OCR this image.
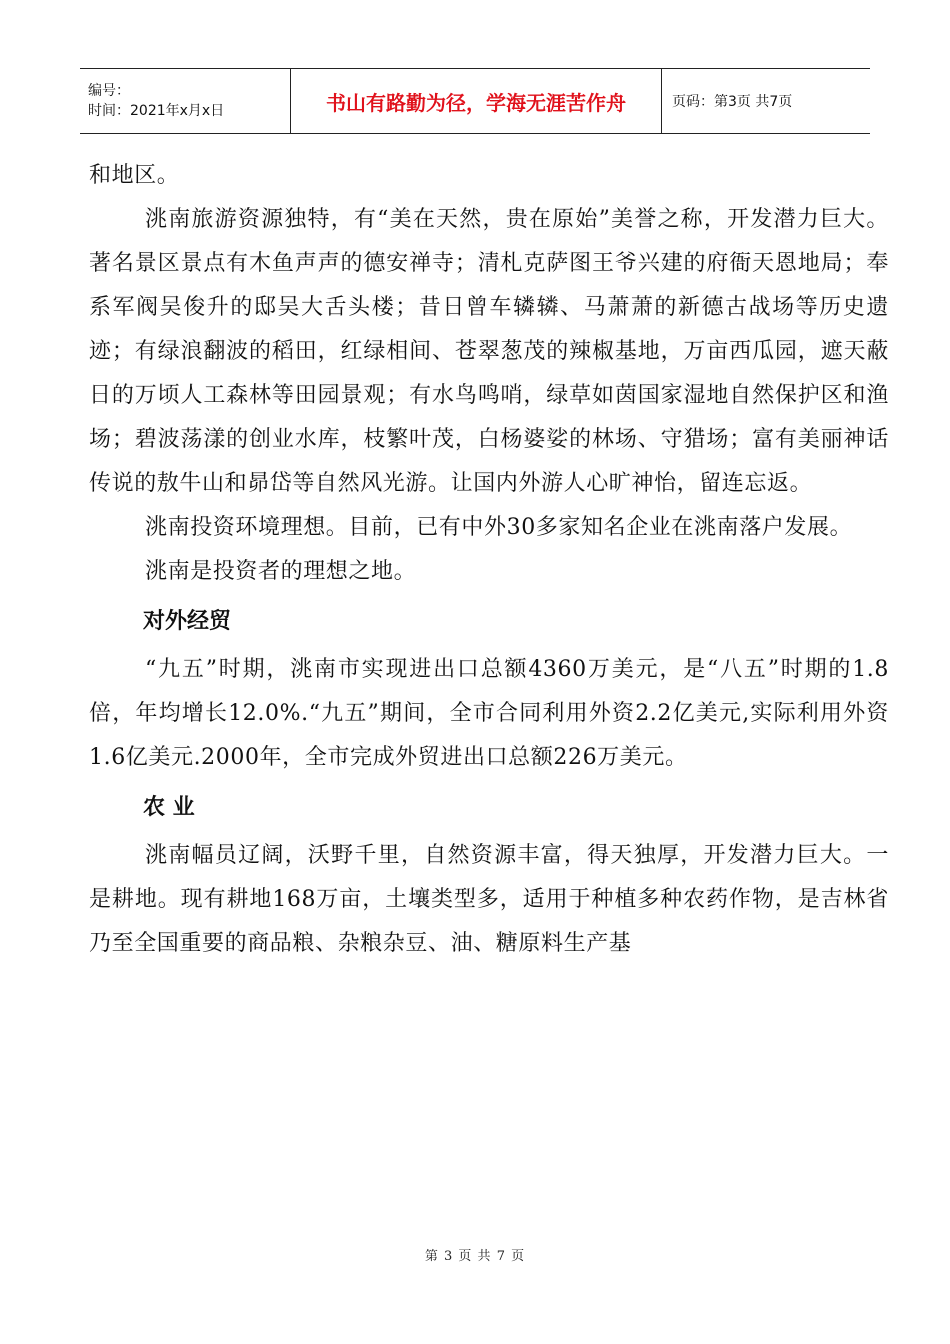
编号：
时间：2021年x月x日	书山有路勤为径，学海无涯苦作舟	页码：第3页 共7页

和地区。

洮南旅游资源独特，有“美在天然，贵在原始”美誉之称，开发潜力巨大。著名景区景点有木鱼声声的德安禅寺；清札克萨图王爷兴建的府衙天恩地局；奉系军阀吴俊升的邸吴大舌头楼；昔日曾车辚辚、马萧萧的新德古战场等历史遗迹；有绿浪翻波的稻田，红绿相间、苍翠葱茂的辣椒基地，万亩西瓜园，遮天蔽日的万顷人工森林等田园景观；有水鸟鸣哨，绿草如茵国家湿地自然保护区和渔场；碧波荡漾的创业水库，枝繁叶茂，白杨婆娑的林场、守猎场；富有美丽神话传说的敖牛山和昴岱等自然风光游。让国内外游人心旷神怡，留连忘返。

洮南投资环境理想。目前，已有中外30多家知名企业在洮南落户发展。

洮南是投资者的理想之地。

对外经贸

“九五”时期，洮南市实现进出口总额4360万美元，是“八五”时期的1.8倍，年均增长12.0%.“九五”期间，全市合同利用外资2.2亿美元,实际利用外资1.6亿美元.2000年，全市完成外贸进出口总额226万美元。

农 业

洮南幅员辽阔，沃野千里，自然资源丰富，得天独厚，开发潜力巨大。一是耕地。现有耕地168万亩，土壤类型多，适用于种植多种农药作物，是吉林省乃至全国重要的商品粮、杂粮杂豆、油、糖原料生产基

第 3 页 共 7 页
